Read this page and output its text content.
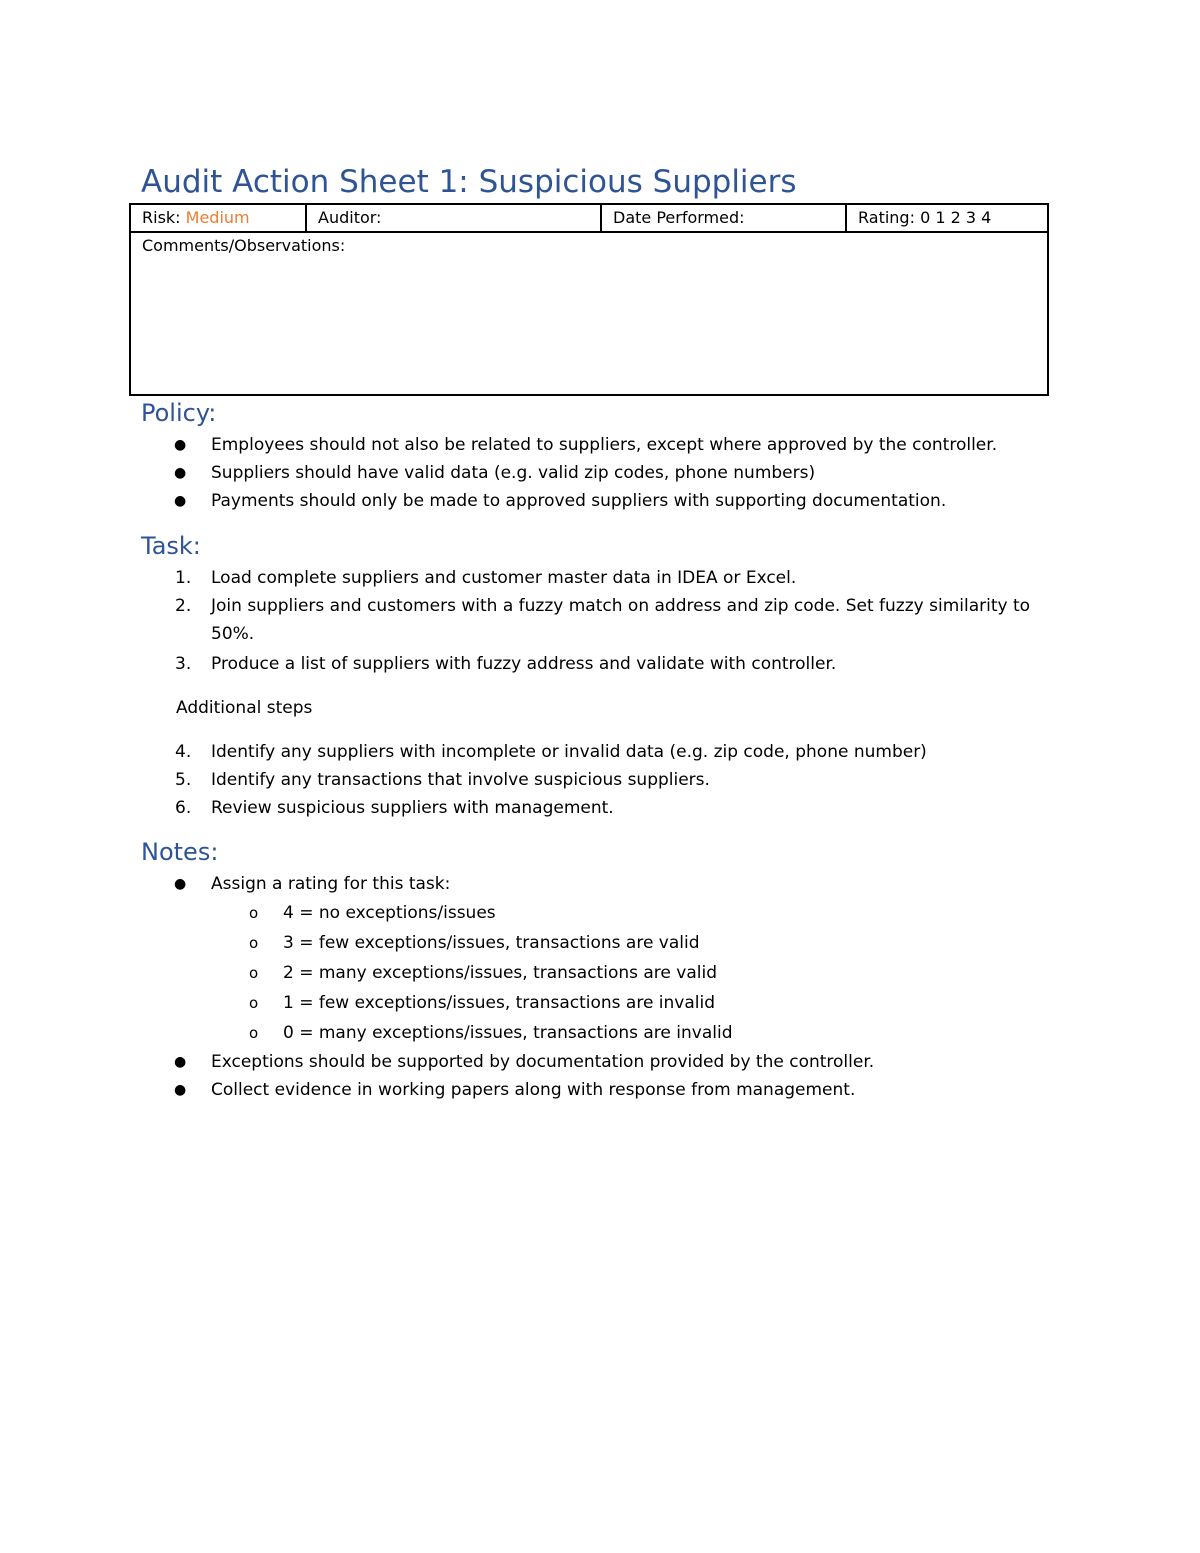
Audit Action Sheet 1: Suspicious Suppliers
Risk: Medium	Auditor:	Date Performed:	Rating: 0 1 2 3 4
Comments/Observations:
Policy:
● Employees should not also be related to suppliers, except where approved by the controller.
● Suppliers should have valid data (e.g. valid zip codes, phone numbers)
● Payments should only be made to approved suppliers with supporting documentation.
Task:
1. Load complete suppliers and customer master data in IDEA or Excel.
2. Join suppliers and customers with a fuzzy match on address and zip code. Set fuzzy similarity to
50%.
3. Produce a list of suppliers with fuzzy address and validate with controller.
Additional steps
4. Identify any suppliers with incomplete or invalid data (e.g. zip code, phone number)
5. Identify any transactions that involve suspicious suppliers.
6. Review suspicious suppliers with management.
Notes:
● Assign a rating for this task:
o 4 = no exceptions/issues
o 3 = few exceptions/issues, transactions are valid
o 2 = many exceptions/issues, transactions are valid
o 1 = few exceptions/issues, transactions are invalid
o 0 = many exceptions/issues, transactions are invalid
● Exceptions should be supported by documentation provided by the controller.
● Collect evidence in working papers along with response from management.
